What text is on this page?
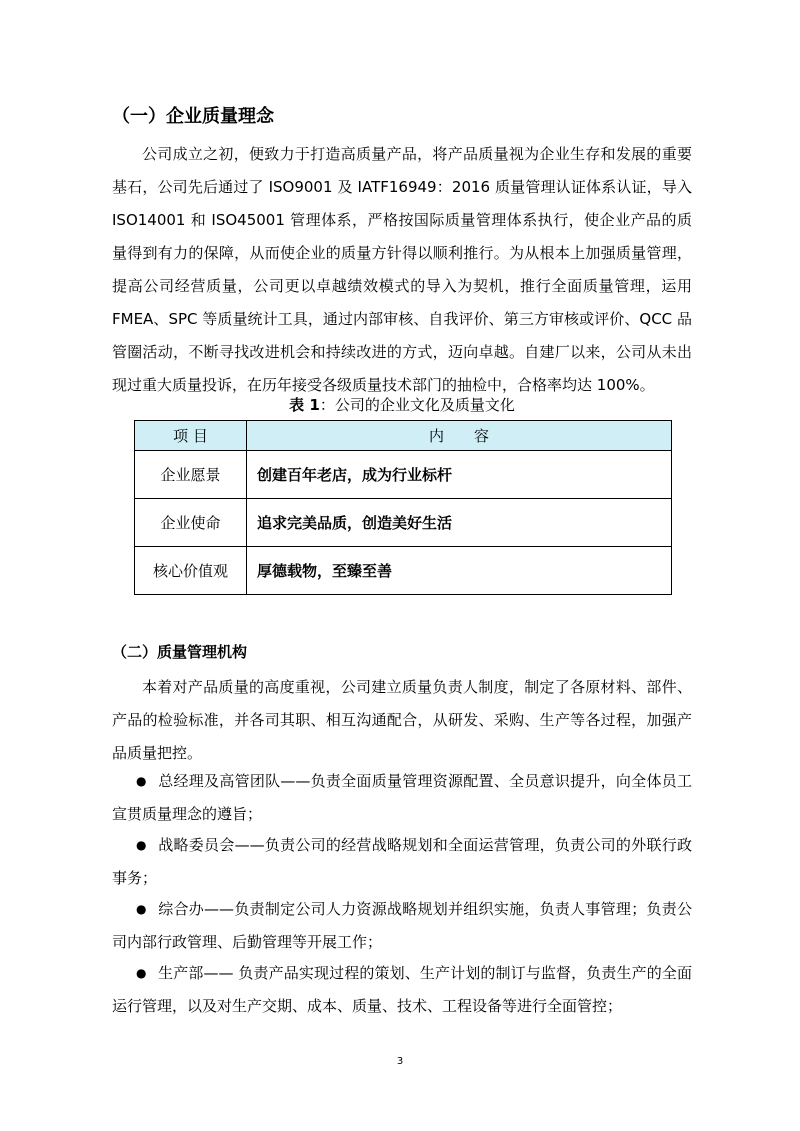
（一）企业质量理念

公司成立之初，便致力于打造高质量产品，将产品质量视为企业生存和发展的重要基石，公司先后通过了 ISO9001 及 IATF16949：2016 质量管理认证体系认证，导入 ISO14001 和 ISO45001 管理体系，严格按国际质量管理体系执行，使企业产品的质量得到有力的保障，从而使企业的质量方针得以顺利推行。为从根本上加强质量管理，提高公司经营质量，公司更以卓越绩效模式的导入为契机，推行全面质量管理，运用 FMEA、SPC 等质量统计工具，通过内部审核、自我评价、第三方审核或评价、QCC 品管圈活动，不断寻找改进机会和持续改进的方式，迈向卓越。自建厂以来，公司从未出现过重大质量投诉，在历年接受各级质量技术部门的抽检中，合格率均达 100%。

表 1：公司的企业文化及质量文化
项 目	内　　容
企业愿景	创建百年老店，成为行业标杆
企业使命	追求完美品质，创造美好生活
核心价值观	厚德载物，至臻至善
（二）质量管理机构

本着对产品质量的高度重视，公司建立质量负责人制度，制定了各原材料、部件、产品的检验标准，并各司其职、相互沟通配合，从研发、采购、生产等各过程，加强产品质量把控。

● 总经理及高管团队——负责全面质量管理资源配置、全员意识提升，向全体员工宣贯质量理念的遵旨；

● 战略委员会——负责公司的经营战略规划和全面运营管理，负责公司的外联行政事务；

● 综合办——负责制定公司人力资源战略规划并组织实施，负责人事管理；负责公司内部行政管理、后勤管理等开展工作；

● 生产部—— 负责产品实现过程的策划、生产计划的制订与监督，负责生产的全面运行管理，以及对生产交期、成本、质量、技术、工程设备等进行全面管控；

3
